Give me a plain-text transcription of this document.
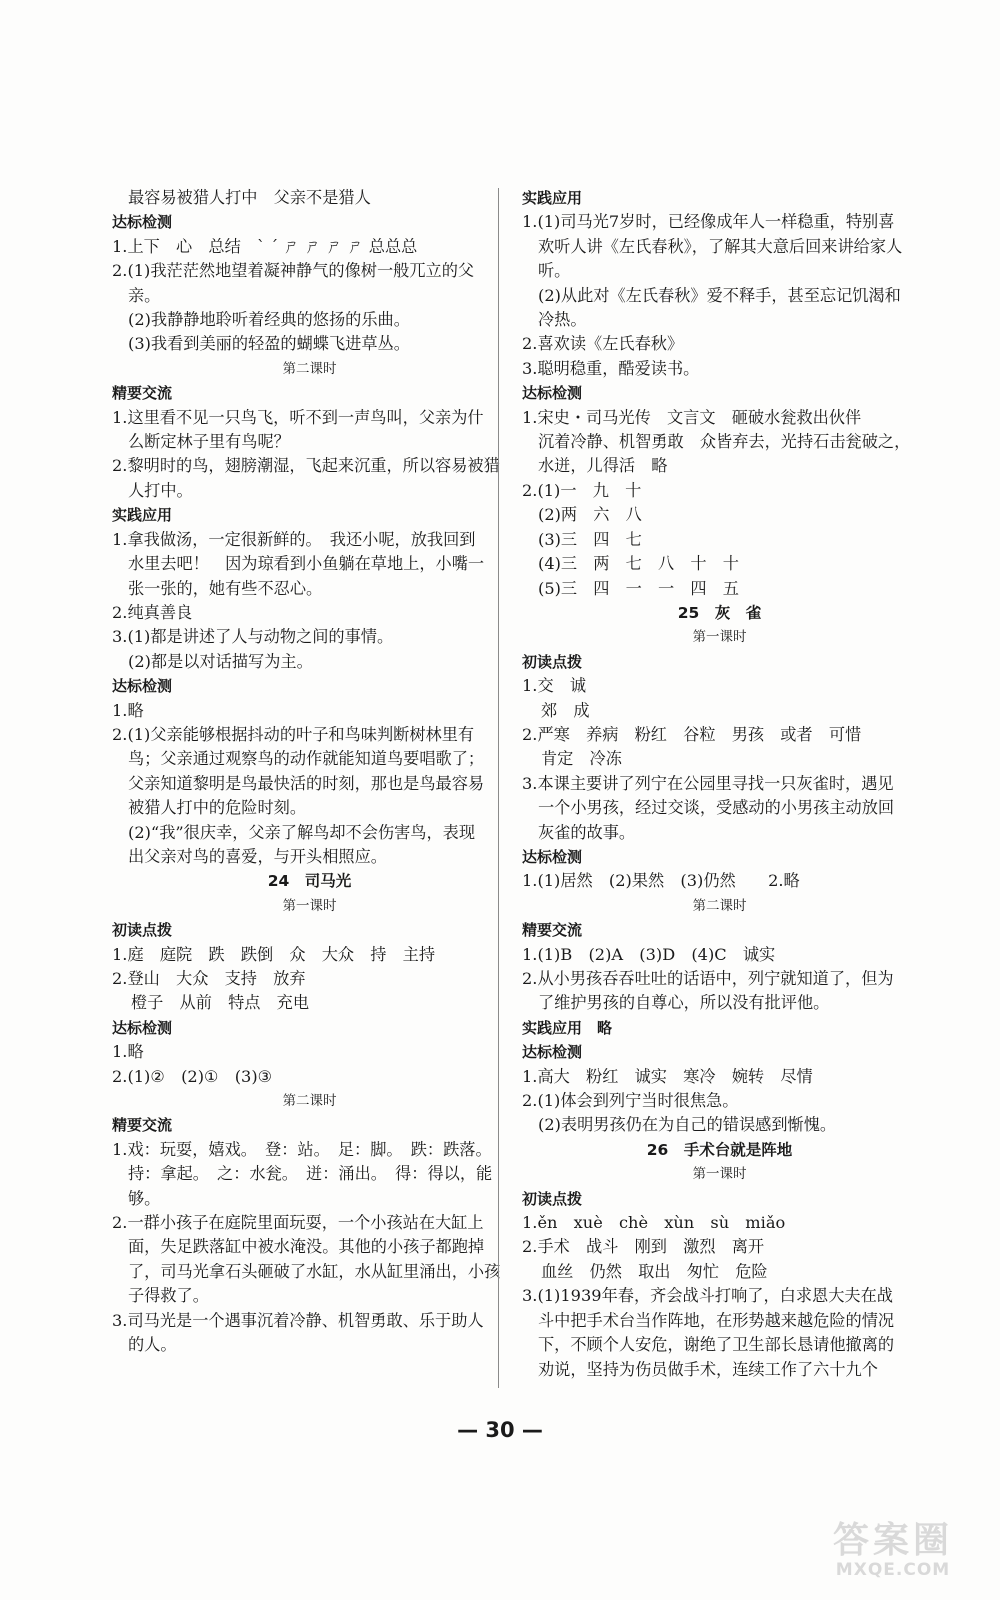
最容易被猎人打中　父亲不是猎人

达标检测

1.上下　心　总结　ˋ ˊ ㄕ ㄕ ㄕ ㄕ 总总总

2.(1)我茫茫然地望着凝神静气的像树一般兀立的父

亲。

(2)我静静地聆听着经典的悠扬的乐曲。

(3)我看到美丽的轻盈的蝴蝶飞进草丛。

第二课时

精要交流

1.这里看不见一只鸟飞，听不到一声鸟叫，父亲为什

么断定林子里有鸟呢？

2.黎明时的鸟，翅膀潮湿，飞起来沉重，所以容易被猎

人打中。

实践应用

1.拿我做汤，一定很新鲜的。　我还小呢，放我回到

水里去吧！　因为琼看到小鱼躺在草地上，小嘴一

张一张的，她有些不忍心。

2.纯真善良

3.(1)都是讲述了人与动物之间的事情。

(2)都是以对话描写为主。

达标检测

1.略

2.(1)父亲能够根据抖动的叶子和鸟味判断树林里有

鸟；父亲通过观察鸟的动作就能知道鸟要唱歌了；

父亲知道黎明是鸟最快活的时刻，那也是鸟最容易

被猎人打中的危险时刻。

(2)“我”很庆幸，父亲了解鸟却不会伤害鸟，表现

出父亲对鸟的喜爱，与开头相照应。

24　司马光

第一课时

初读点拨

1.庭　庭院　跌　跌倒　众　大众　持　主持

2.登山　大众　支持　放弃

橙子　从前　特点　充电

达标检测

1.略

2.(1)②　(2)①　(3)③

第二课时

精要交流

1.戏：玩耍，嬉戏。　登：站。　足：脚。　跌：跌落。

持：拿起。　之：水瓮。　迸：涌出。　得：得以，能

够。

2.一群小孩子在庭院里面玩耍，一个小孩站在大缸上

面，失足跌落缸中被水淹没。其他的小孩子都跑掉

了，司马光拿石头砸破了水缸，水从缸里涌出，小孩

子得救了。

3.司马光是一个遇事沉着冷静、机智勇敢、乐于助人

的人。

实践应用

1.(1)司马光7岁时，已经像成年人一样稳重，特别喜

欢听人讲《左氏春秋》，了解其大意后回来讲给家人

听。

(2)从此对《左氏春秋》爱不释手，甚至忘记饥渴和

冷热。

2.喜欢读《左氏春秋》

3.聪明稳重，酷爱读书。

达标检测

1.宋史・司马光传　文言文　砸破水瓮救出伙伴

沉着冷静、机智勇敢　众皆弃去，光持石击瓮破之，

水迸，儿得活　略

2.(1)一　九　十

(2)两　六　八

(3)三　四　七

(4)三　两　七　八　十　十

(5)三　四　一　一　四　五

25　灰　雀

第一课时

初读点拨

1.交　诚

郊　成

2.严寒　养病　粉红　谷粒　男孩　或者　可惜

肯定　冷冻

3.本课主要讲了列宁在公园里寻找一只灰雀时，遇见

一个小男孩，经过交谈，受感动的小男孩主动放回

灰雀的故事。

达标检测

1.(1)居然　(2)果然　(3)仍然　　2.略

第二课时

精要交流

1.(1)B　(2)A　(3)D　(4)C　诚实

2.从小男孩吞吞吐吐的话语中，列宁就知道了，但为

了维护男孩的自尊心，所以没有批评他。

实践应用　略

达标检测

1.高大　粉红　诚实　寒冷　婉转　尽情

2.(1)体会到列宁当时很焦急。

(2)表明男孩仍在为自己的错误感到惭愧。

26　手术台就是阵地

第一课时

初读点拨

1.ěn　xuè　chè　xùn　sù　miǎo

2.手术　战斗　刚到　激烈　离开

血丝　仍然　取出　匆忙　危险

3.(1)1939年春，齐会战斗打响了，白求恩大夫在战

斗中把手术台当作阵地，在形势越来越危险的情况

下，不顾个人安危，谢绝了卫生部长恳请他撤离的

劝说，坚持为伤员做手术，连续工作了六十九个

— 30 —
答案圈
MXQE.COM
